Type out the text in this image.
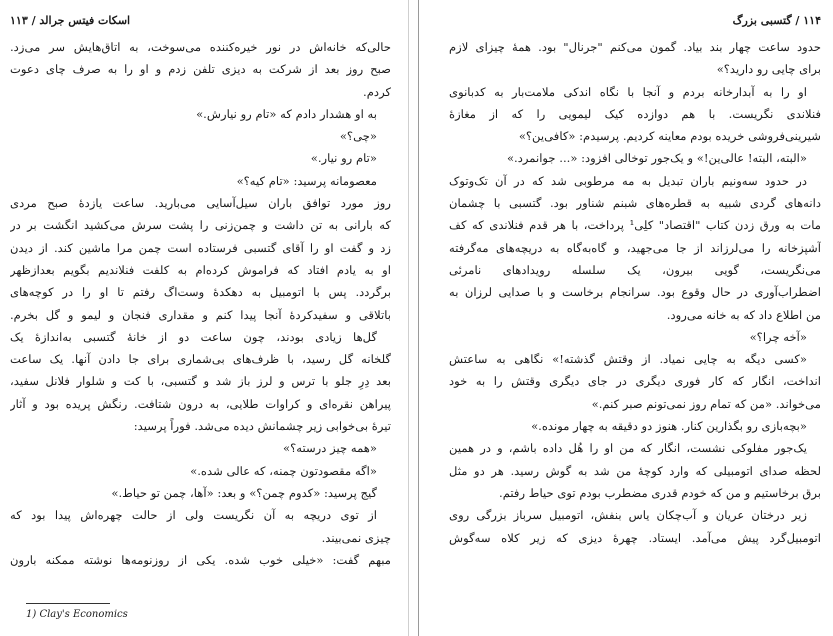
اسکات فیتس جرالد / ۱۱۳
حالی‌که خانه‌اش در نور خیره‌کننده می‌سوخت، به اتاق‌هایش سر می‌زد.
صبح روز بعد از شرکت به دیزی تلفن زدم و او را به صرف چای دعوت
کردم.
به او هشدار دادم که «تام رو نیارش.»
«چی؟»
«تام رو نیار.»
معصومانه پرسید: «تام کیه؟»
روز مورد توافق باران سیل‌آسایی می‌بارید. ساعت یازدهٔ صبح مردی
که بارانی به تن داشت و چمن‌زنی را پشت سرش می‌کشید انگشت بر در
زد و گفت او را آقای گتسبی فرستاده است چمن مرا ماشین کند. از دیدن
او به یادم افتاد که فراموش کرده‌ام به کلفت فنلاندیم بگویم بعدازظهر
برگردد. پس با اتومبیل به دهکدهٔ وست‌اگ رفتم تا او را در کوچه‌های
باتلاقی و سفیدکردهٔ آنجا پیدا کنم و مقداری فنجان و لیمو و گل بخرم.
گل‌ها زیادی بودند، چون ساعت دو از خانهٔ گتسبی به‌اندازهٔ یک
گلخانه گل رسید، با ظرف‌های بی‌شماری برای جا دادن آنها. یک ساعت
بعد دِرِ جلو با ترس و لرز باز شد و گتسبی، با کت و شلوار فلانل سفید،
پیراهن نقره‌ای و کراوات طلایی، به درون شتافت. رنگش پریده بود و آثار
تیرهٔ بی‌خوابی زیر چشمانش دیده می‌شد. فوراً پرسید:
«همه چیز درسته؟»
«اگه مقصودتون چمنه، که عالی شده.»
گیج پرسید: «کدوم چمن؟» و بعد: «آها، چمن تو حیاط.»
از توی دریچه به آن نگریست ولی از حالت چهره‌اش پیدا بود که
چیزی نمی‌بیند.
مبهم گفت: «خیلی خوب شده. یکی از روزنومه‌ها نوشته ممکنه بارون
۱۱۴ / گتسبی بزرگ
حدود ساعت چهار بند بیاد. گمون می‌کنم "جرنال" بود. همهٔ چیزای لازم
برای چایی رو دارید؟»
او را به آبدارخانه بردم و آنجا با نگاه اندکی ملامت‌بار به کدبانوی
فنلاندی نگریست. با هم دوازده کیک لیمویی را که از مغازهٔ
شیرینی‌فروشی خریده بودم معاینه کردیم. پرسیدم: «کافی‌ین؟»
«البته، البته! عالی‌ین!» و یک‌جور توخالی افزود: «... جوانمرد.»
در حدود سه‌ونیم باران تبدیل به مه مرطوبی شد که در آن تک‌وتوک
دانه‌های گردی شبیه به قطره‌های شبنم شناور بود. گتسبی با چشمان
مات به ورق زدن کتاب "اقتصاد" کلِی¹ پرداخت، با هر قدم فنلاندی که کف
آشپزخانه را می‌لرزاند از جا می‌جهید، و گاه‌به‌گاه به دریچه‌های مه‌گرفته
می‌نگریست، گویی بیرون، یک سلسله رویدادهای نامرئی
اضطراب‌آوری در حال وقوع بود. سرانجام برخاست و با صدایی لرزان به
من اطلاع داد که به خانه می‌رود.
«آخه چرا؟»
«کسی دیگه به چایی نمیاد. از وقتش گذشته!» نگاهی به ساعتش
انداخت، انگار که کار فوری دیگری در جای دیگری وقتش را به خود
می‌خواند. «من که تمام روز نمی‌تونم صبر کنم.»
«بچه‌بازی رو بگذارین کنار. هنوز دو دقیقه به چهار مونده.»
یک‌جور مفلوکی نشست، انگار که من او را هُل داده باشم، و در همین
لحظه صدای اتومبیلی که وارد کوچهٔ من شد به گوش رسید. هر دو مثل
برق برخاستیم و من که خودم قدری مضطرب بودم توی حیاط رفتم.
زیر درختان عریان و آب‌چکان یاس بنفش، اتومبیل سرباز بزرگی روی
اتومبیل‌گرد پیش می‌آمد. ایستاد. چهرهٔ دیزی که زیر کلاه سه‌گوش
1) Clay's Economics
